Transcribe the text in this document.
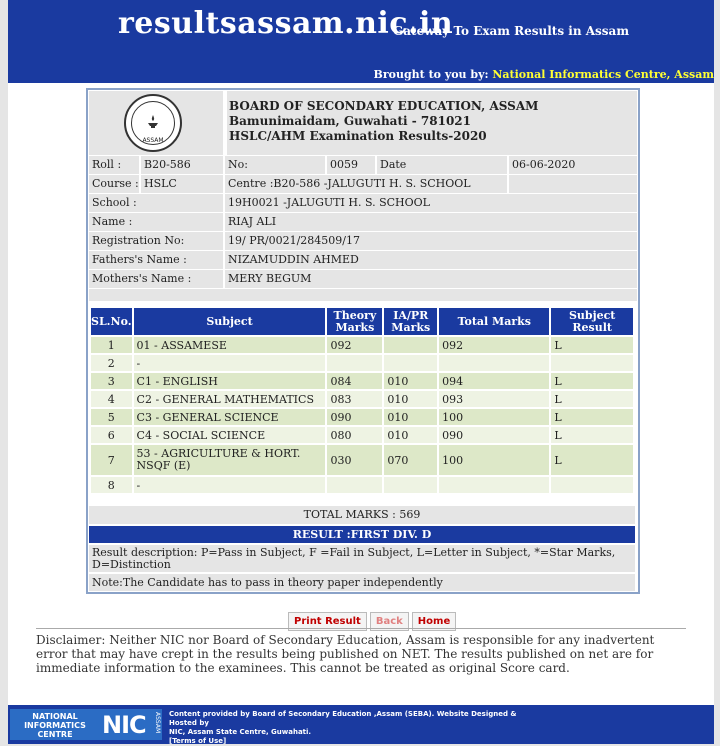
resultsassam.nic.in
Gateway To Exam Results in Assam
Brought to you by: National Informatics Centre, Assam
ASSAM
BOARD OF SECONDARY EDUCATION, ASSAM
Bamunimaidam, Guwahati - 781021
HSLC/AHM Examination Results-2020
Roll :	B20-586	No:	0059	Date	06-06-2020
Course : HSLC	Centre :B20-586 -JALUGUTI H. S. SCHOOL
School :	19H0021 -JALUGUTI H. S. SCHOOL
Name :	RIAJ ALI
Registration No:	19/ PR/0021/284509/17
Fathers's Name :	NIZAMUDDIN AHMED
Mothers's Name :	MERY BEGUM
SL.No.	Subject	Theory Marks	IA/PR Marks	Total Marks	Subject Result
1	01 - ASSAMESE	092		092	L
2	-				
3	C1 - ENGLISH	084	010	094	L
4	C2 - GENERAL MATHEMATICS	083	010	093	L
5	C3 - GENERAL SCIENCE	090	010	100	L
6	C4 - SOCIAL SCIENCE	080	010	090	L
7	53 - AGRICULTURE & HORT. NSQF (E)	030	070	100	L
8	-				
TOTAL MARKS : 569
RESULT :FIRST DIV. D
Result description: P=Pass in Subject, F =Fail in Subject, L=Letter in Subject, *=Star Marks, D=Distinction
Note:The Candidate has to pass in theory paper independently
Print Result Back Home
Disclaimer: Neither NIC nor Board of Secondary Education, Assam is responsible for any inadvertent error that may have crept in the results being published on NET. The results published on net are for immediate information to the examinees. This cannot be treated as original Score card.
NATIONAL
INFORMATICS
CENTRE	NIC ASSAM Content provided by Board of Secondary Education ,Assam (SEBA). Website Designed & Hosted by
NIC, Assam State Centre, Guwahati.
[Terms of Use]
